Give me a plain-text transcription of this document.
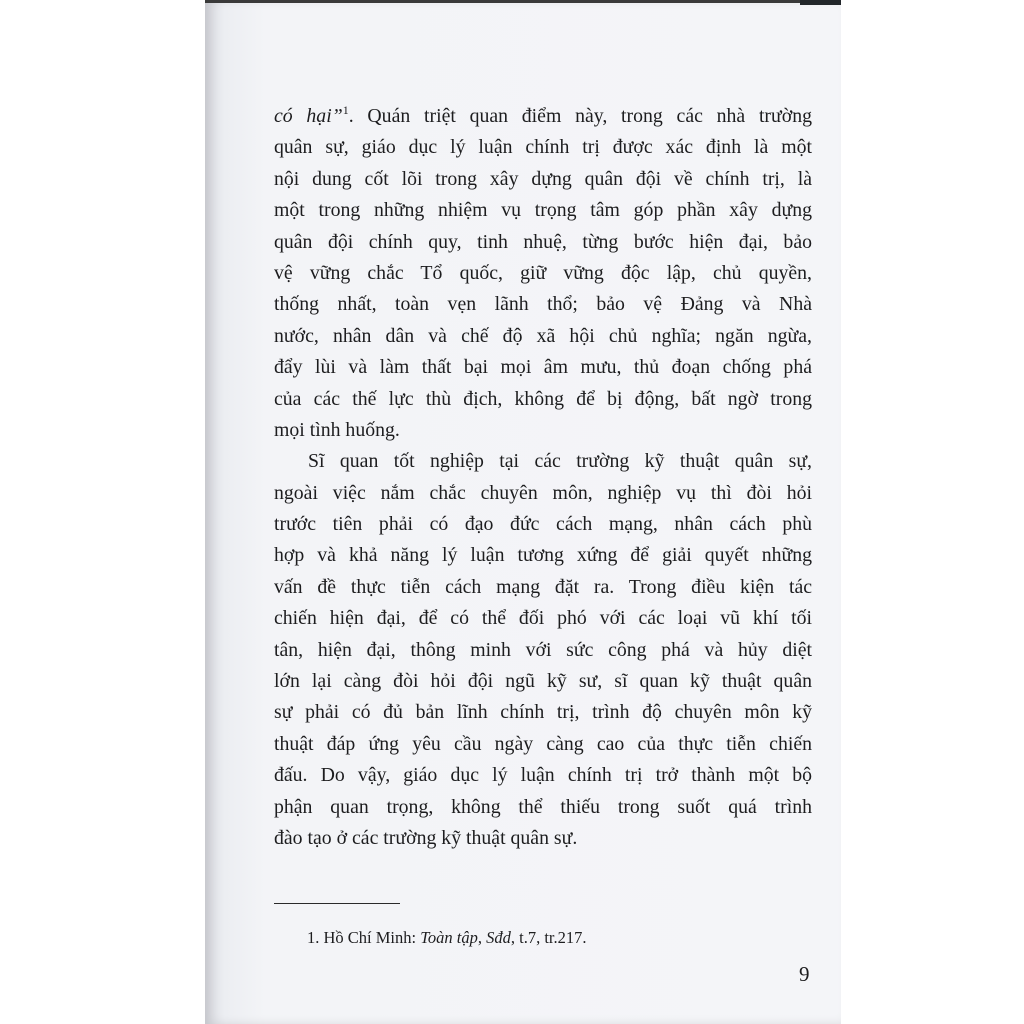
có hại”$^1$. Quán triệt quan điểm này, trong các nhà trường
quân sự, giáo dục lý luận chính trị được xác định là một
nội dung cốt lõi trong xây dựng quân đội về chính trị, là
một trong những nhiệm vụ trọng tâm góp phần xây dựng
quân đội chính quy, tinh nhuệ, từng bước hiện đại, bảo
vệ vững chắc Tổ quốc, giữ vững độc lập, chủ quyền,
thống nhất, toàn vẹn lãnh thổ; bảo vệ Đảng và Nhà
nước, nhân dân và chế độ xã hội chủ nghĩa; ngăn ngừa,
đẩy lùi và làm thất bại mọi âm mưu, thủ đoạn chống phá
của các thế lực thù địch, không để bị động, bất ngờ trong
mọi tình huống.
Sĩ quan tốt nghiệp tại các trường kỹ thuật quân sự,
ngoài việc nắm chắc chuyên môn, nghiệp vụ thì đòi hỏi
trước tiên phải có đạo đức cách mạng, nhân cách phù
hợp và khả năng lý luận tương xứng để giải quyết những
vấn đề thực tiễn cách mạng đặt ra. Trong điều kiện tác
chiến hiện đại, để có thể đối phó với các loại vũ khí tối
tân, hiện đại, thông minh với sức công phá và hủy diệt
lớn lại càng đòi hỏi đội ngũ kỹ sư, sĩ quan kỹ thuật quân
sự phải có đủ bản lĩnh chính trị, trình độ chuyên môn kỹ
thuật đáp ứng yêu cầu ngày càng cao của thực tiễn chiến
đấu. Do vậy, giáo dục lý luận chính trị trở thành một bộ
phận quan trọng, không thể thiếu trong suốt quá trình
đào tạo ở các trường kỹ thuật quân sự.
1. Hồ Chí Minh: Toàn tập, Sđd, t.7, tr.217.
9
